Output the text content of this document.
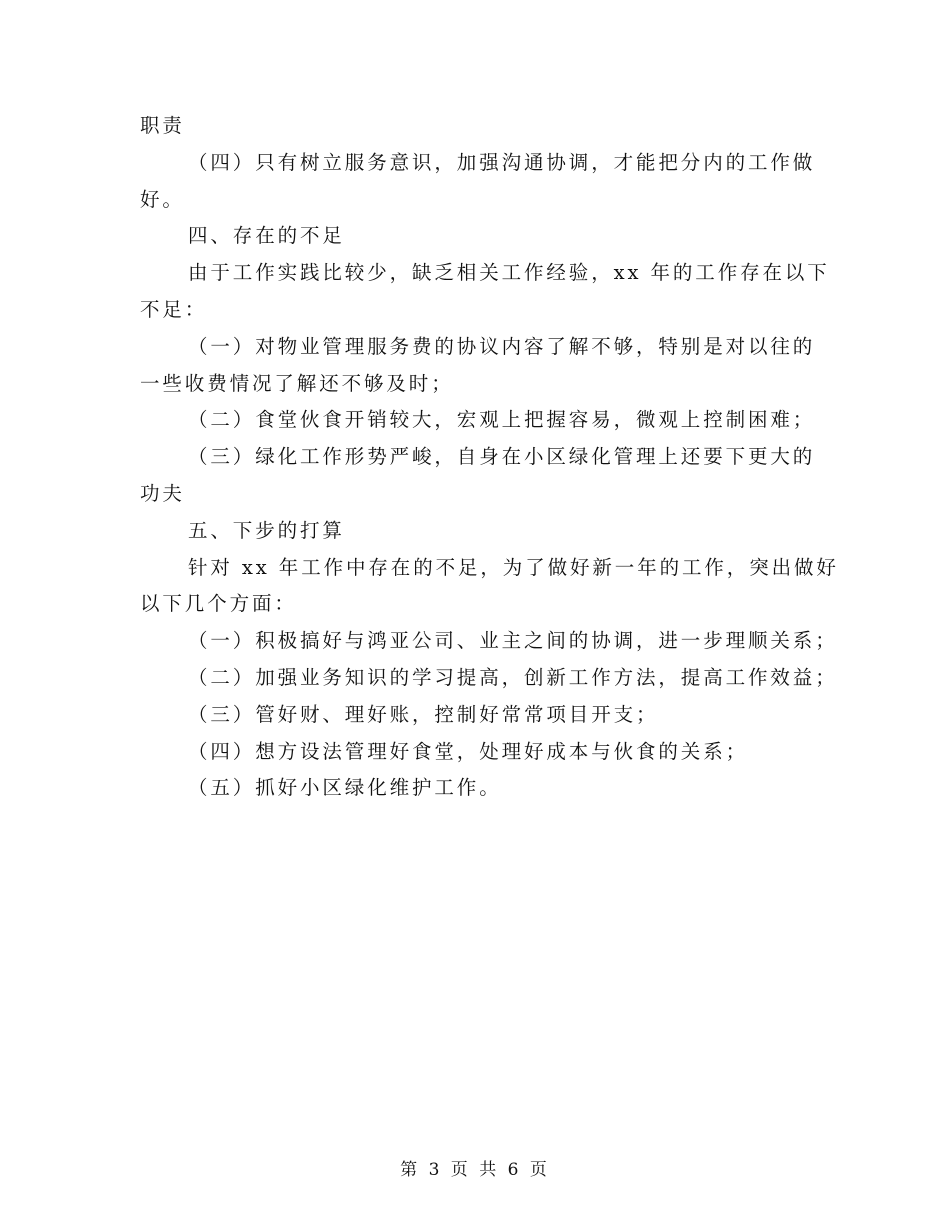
职责
（四）只有树立服务意识，加强沟通协调，才能把分内的工作做
好。
四、存在的不足
由于工作实践比较少，缺乏相关工作经验，xx 年的工作存在以下
不足：
（一）对物业管理服务费的协议内容了解不够，特别是对以往的
一些收费情况了解还不够及时；
（二）食堂伙食开销较大，宏观上把握容易，微观上控制困难；
（三）绿化工作形势严峻，自身在小区绿化管理上还要下更大的
功夫
五、下步的打算
针对 xx 年工作中存在的不足，为了做好新一年的工作，突出做好
以下几个方面：
（一）积极搞好与鸿亚公司、业主之间的协调，进一步理顺关系；
（二）加强业务知识的学习提高，创新工作方法，提高工作效益；
（三）管好财、理好账，控制好常常项目开支；
（四）想方设法管理好食堂，处理好成本与伙食的关系；
（五）抓好小区绿化维护工作。
第 3 页 共 6 页
